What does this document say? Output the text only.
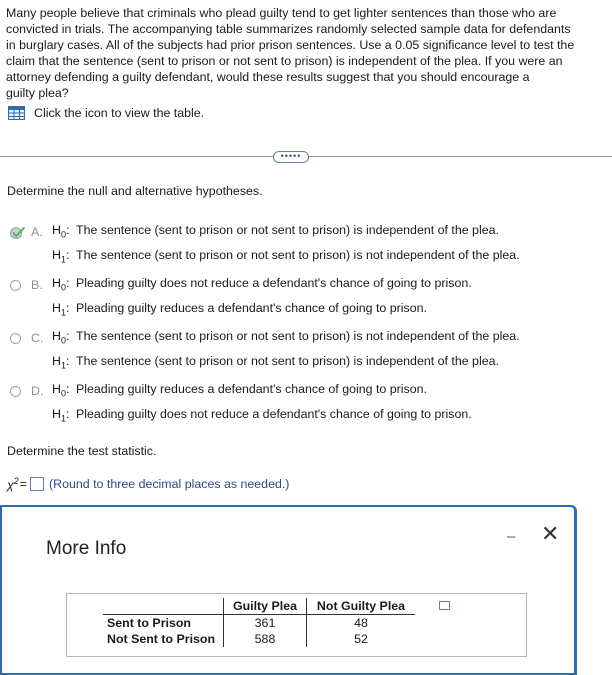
Many people believe that criminals who plead guilty tend to get lighter sentences than those who are
convicted in trials. The accompanying table summarizes randomly selected sample data for defendants
in burglary cases. All of the subjects had prior prison sentences. Use a 0.05 significance level to test the
claim that the sentence (sent to prison or not sent to prison) is independent of the plea. If you were an
attorney defending a guilty defendant, would these results suggest that you should encourage a
guilty plea?
Click the icon to view the table.
•••••
Determine the null and alternative hypotheses.
A. $H_0$: The sentence (sent to prison or not sent to prison) is independent of the plea.
$H_1$: The sentence (sent to prison or not sent to prison) is not independent of the plea.
B. $H_0$: Pleading guilty does not reduce a defendant's chance of going to prison.
$H_1$: Pleading guilty reduces a defendant's chance of going to prison.
C. $H_0$: The sentence (sent to prison or not sent to prison) is not independent of the plea.
$H_1$: The sentence (sent to prison or not sent to prison) is independent of the plea.
D. $H_0$: Pleading guilty reduces a defendant's chance of going to prison.
$H_1$: Pleading guilty does not reduce a defendant's chance of going to prison.
Determine the test statistic.
$\chi^2$ = (Round to three decimal places as needed.)
More Info
– ✕
	Guilty Plea	Not Guilty Plea
Sent to Prison	361	48
Not Sent to Prison	588	52
